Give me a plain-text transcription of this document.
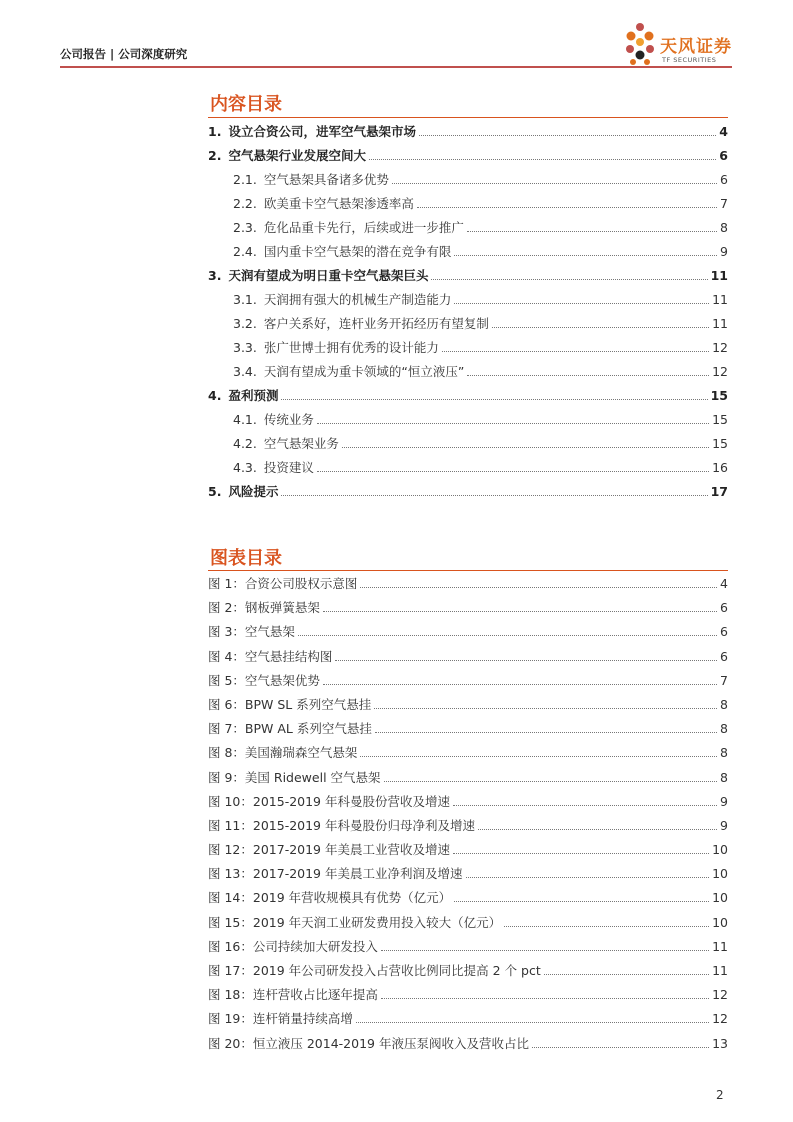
公司报告 | 公司深度研究	天风证券
TF SECURITIES
内容目录
1. 设立合资公司，进军空气悬架市场	4
2. 空气悬架行业发展空间大	6
2.1. 空气悬架具备诸多优势	6
2.2. 欧美重卡空气悬架渗透率高	7
2.3. 危化品重卡先行，后续或进一步推广	8
2.4. 国内重卡空气悬架的潜在竞争有限	9
3. 天润有望成为明日重卡空气悬架巨头	11
3.1. 天润拥有强大的机械生产制造能力	11
3.2. 客户关系好，连杆业务开拓经历有望复制	11
3.3. 张广世博士拥有优秀的设计能力	12
3.4. 天润有望成为重卡领域的“恒立液压”	12
4. 盈利预测	15
4.1. 传统业务	15
4.2. 空气悬架业务	15
4.3. 投资建议	16
5. 风险提示	17
图表目录
图 1：合资公司股权示意图	4
图 2：钢板弹簧悬架	6
图 3：空气悬架	6
图 4：空气悬挂结构图	6
图 5：空气悬架优势	7
图 6：BPW SL 系列空气悬挂	8
图 7：BPW AL 系列空气悬挂	8
图 8：美国瀚瑞森空气悬架	8
图 9：美国 Ridewell 空气悬架	8
图 10：2015-2019 年科曼股份营收及增速	9
图 11：2015-2019 年科曼股份归母净利及增速	9
图 12：2017-2019 年美晨工业营收及增速	10
图 13：2017-2019 年美晨工业净利润及增速	10
图 14：2019 年营收规模具有优势（亿元）	10
图 15：2019 年天润工业研发费用投入较大（亿元）	10
图 16：公司持续加大研发投入	11
图 17：2019 年公司研发投入占营收比例同比提高 2 个 pct	11
图 18：连杆营收占比逐年提高	12
图 19：连杆销量持续高增	12
图 20：恒立液压 2014-2019 年液压泵阀收入及营收占比	13
2
